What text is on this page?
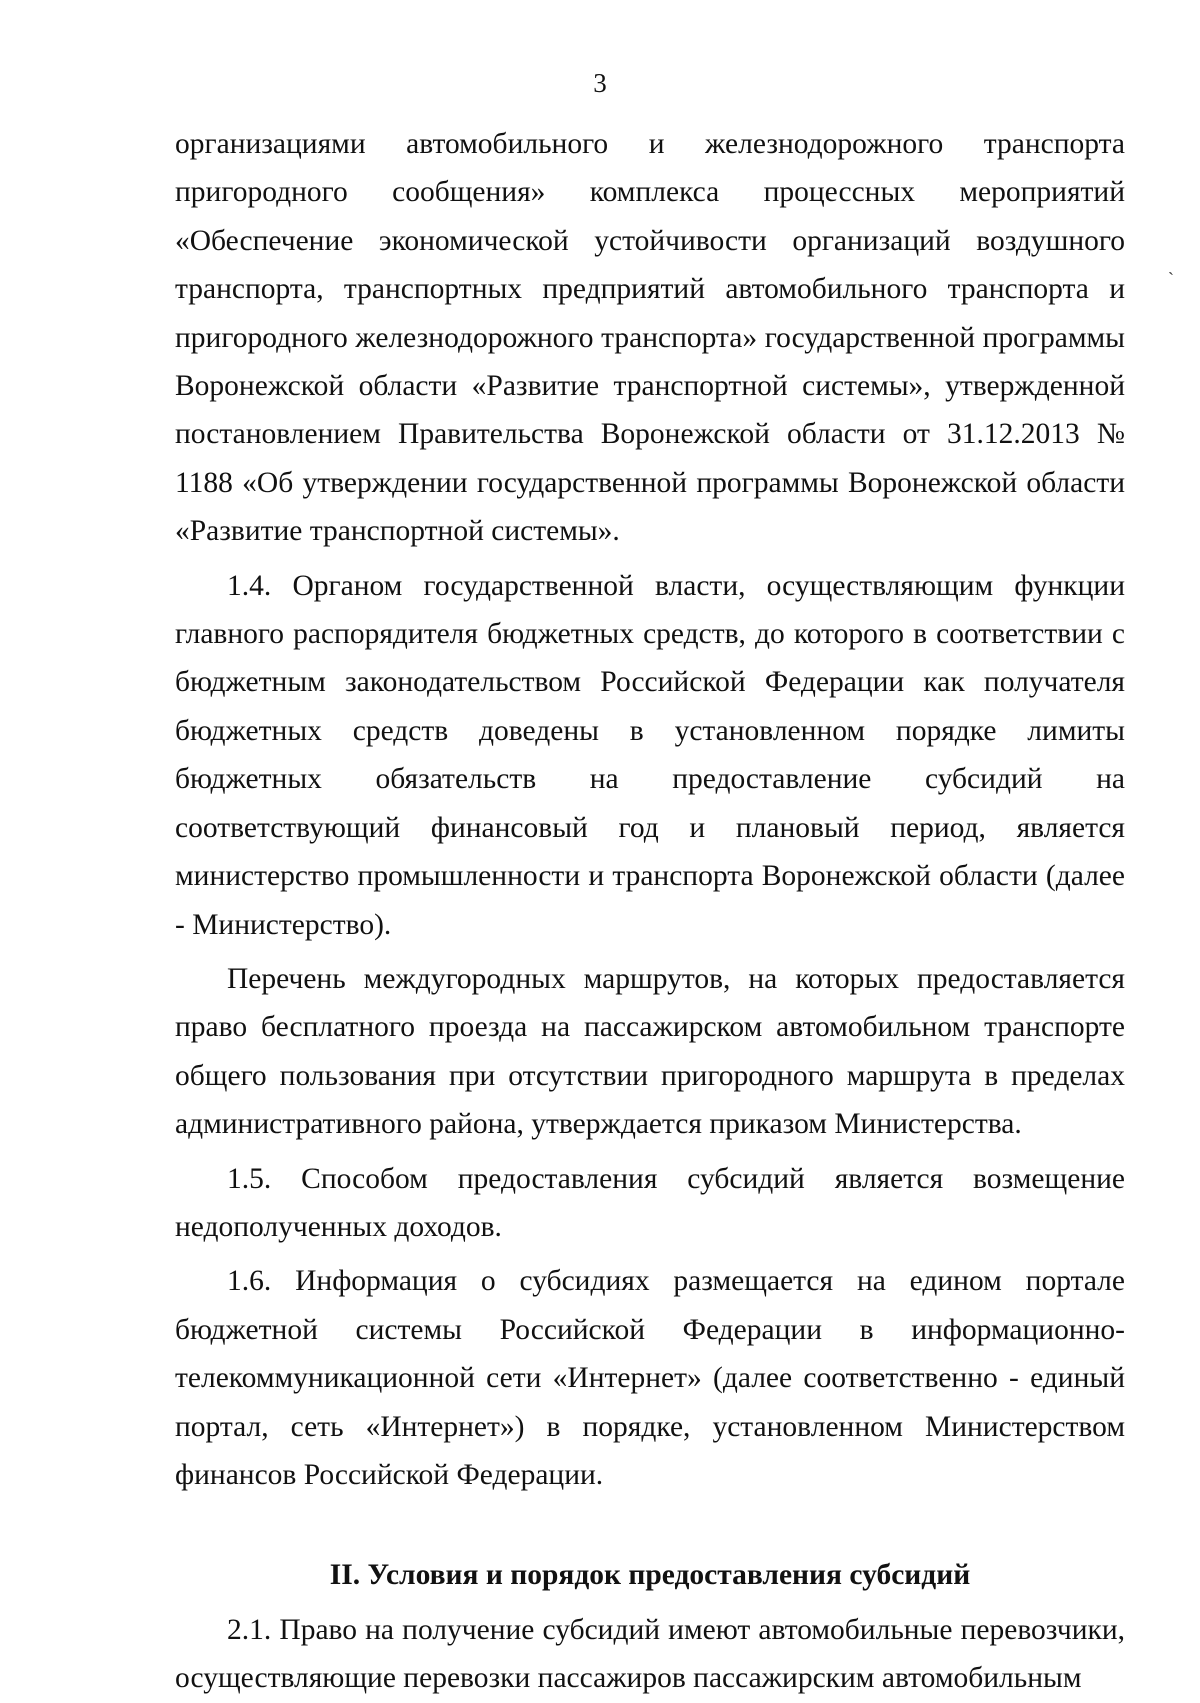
3
ˋ

организациями автомобильного и железнодорожного транспорта пригородного сообщения» комплекса процессных мероприятий «Обеспечение экономической устойчивости организаций воздушного транспорта, транспортных предприятий автомобильного транспорта и пригородного железнодорожного транспорта» государственной программы Воронежской области «Развитие транспортной системы», утвержденной постановлением Правительства Воронежской области от 31.12.2013 № 1188 «Об утверждении государственной программы Воронежской области «Развитие транспортной системы».

1.4. Органом государственной власти, осуществляющим функции главного распорядителя бюджетных средств, до которого в соответствии с бюджетным законодательством Российской Федерации как получателя бюджетных средств доведены в установленном порядке лимиты бюджетных обязательств на предоставление субсидий на соответствующий финансовый год и плановый период, является министерство промышленности и транспорта Воронежской области (далее - Министерство).

Перечень междугородных маршрутов, на которых предоставляется право бесплатного проезда на пассажирском автомобильном транспорте общего пользования при отсутствии пригородного маршрута в пределах административного района, утверждается приказом Министерства.

1.5. Способом предоставления субсидий является возмещение недополученных доходов.

1.6. Информация о субсидиях размещается на едином портале бюджетной системы Российской Федерации в информационно-телекоммуникационной сети «Интернет» (далее соответственно - единый портал, сеть «Интернет») в порядке, установленном Министерством финансов Российской Федерации.

II. Условия и порядок предоставления субсидий

2.1. Право на получение субсидий имеют автомобильные перевозчики, осуществляющие перевозки пассажиров пассажирским автомобильным
